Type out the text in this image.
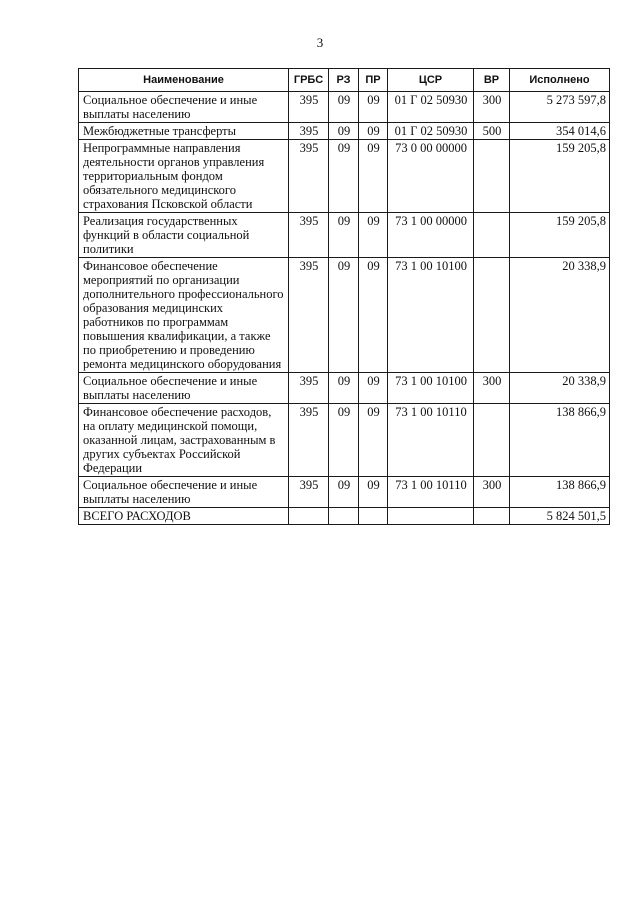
3
Наименование	ГРБС	РЗ	ПР	ЦСР	ВР	Исполнено
Социальное обеспечение и иные выплаты населению	395	09	09	01 Г 02 50930	300	5 273 597,8
Межбюджетные трансферты	395	09	09	01 Г 02 50930	500	354 014,6
Непрограммные направления деятельности органов управления территориальным фондом обязательного медицинского страхования Псковской области	395	09	09	73 0 00 00000		159 205,8
Реализация государственных функций в области социальной политики	395	09	09	73 1 00 00000		159 205,8
Финансовое обеспечение мероприятий по организации дополнительного профессионального образования медицинских работников по программам повышения квалификации, а также по приобретению и проведению ремонта медицинского оборудования	395	09	09	73 1 00 10100		20 338,9
Социальное обеспечение и иные выплаты населению	395	09	09	73 1 00 10100	300	20 338,9
Финансовое обеспечение расходов, на оплату медицинской помощи, оказанной лицам, застрахованным в других субъектах Российской Федерации	395	09	09	73 1 00 10110		138 866,9
Социальное обеспечение и иные выплаты населению	395	09	09	73 1 00 10110	300	138 866,9
ВСЕГО РАСХОДОВ						5 824 501,5
